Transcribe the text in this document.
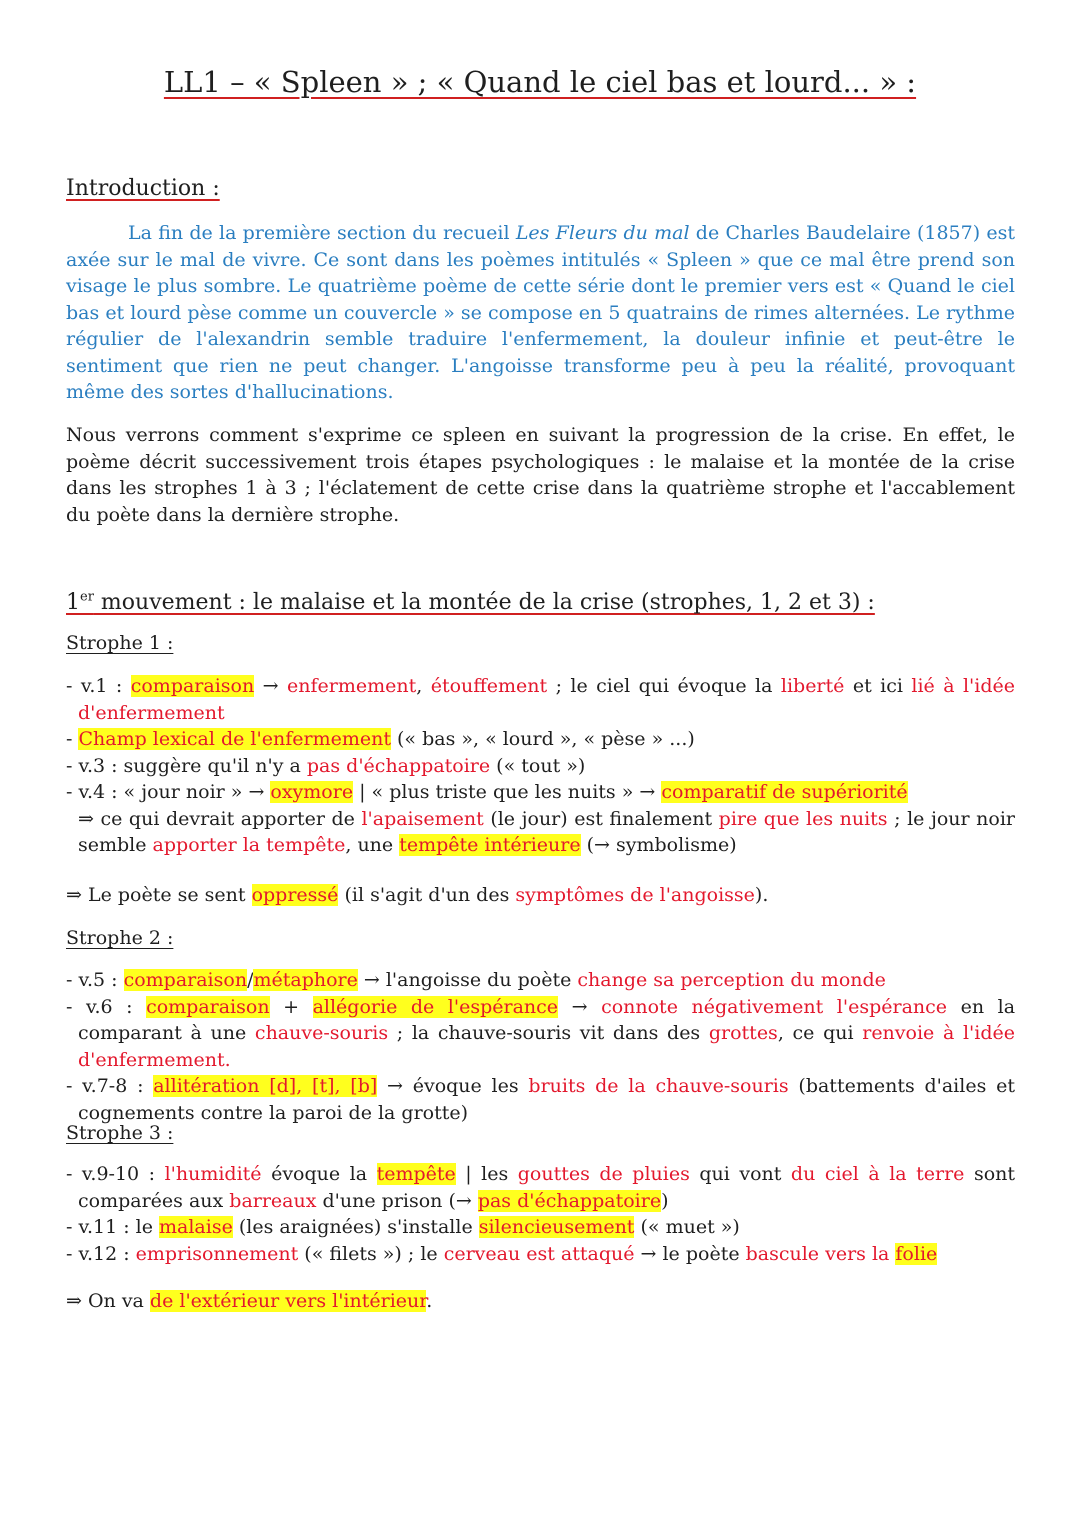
LL1 – « Spleen » ; « Quand le ciel bas et lourd... » :
Introduction :
La fin de la première section du recueil Les Fleurs du mal de Charles Baudelaire (1857) est axée sur le mal de vivre. Ce sont dans les poèmes intitulés « Spleen » que ce mal être prend son visage le plus sombre. Le quatrième poème de cette série dont le premier vers est « Quand le ciel bas et lourd pèse comme un couvercle » se compose en 5 quatrains de rimes alternées. Le rythme régulier de l'alexandrin semble traduire l'enfermement, la douleur infinie et peut-être le sentiment que rien ne peut changer. L'angoisse transforme peu à peu la réalité, provoquant même des sortes d'hallucinations.
Nous verrons comment s'exprime ce spleen en suivant la progression de la crise. En effet, le poème décrit successivement trois étapes psychologiques : le malaise et la montée de la crise dans les strophes 1 à 3 ; l'éclatement de cette crise dans la quatrième strophe et l'accablement du poète dans la dernière strophe.
1er mouvement : le malaise et la montée de la crise (strophes, 1, 2 et 3) :
Strophe 1 :
- v.1 : comparaison → enfermement, étouffement ; le ciel qui évoque la liberté et ici lié à l'idée d'enfermement
- Champ lexical de l'enfermement (« bas », « lourd », « pèse » ...)
- v.3 : suggère qu'il n'y a pas d'échappatoire (« tout »)
- v.4 : « jour noir » → oxymore | « plus triste que les nuits » → comparatif de supériorité
⇒ ce qui devrait apporter de l'apaisement (le jour) est finalement pire que les nuits ; le jour noir semble apporter la tempête, une tempête intérieure (→ symbolisme)
⇒ Le poète se sent oppressé (il s'agit d'un des symptômes de l'angoisse).
Strophe 2 :
- v.5 : comparaison/métaphore → l'angoisse du poète change sa perception du monde
- v.6 : comparaison + allégorie de l'espérance → connote négativement l'espérance en la comparant à une chauve-souris ; la chauve-souris vit dans des grottes, ce qui renvoie à l'idée d'enfermement.
- v.7-8 : allitération [d], [t], [b] → évoque les bruits de la chauve-souris (battements d'ailes et cognements contre la paroi de la grotte)
Strophe 3 :
- v.9-10 : l'humidité évoque la tempête | les gouttes de pluies qui vont du ciel à la terre sont comparées aux barreaux d'une prison (→ pas d'échappatoire)
- v.11 : le malaise (les araignées) s'installe silencieusement (« muet »)
- v.12 : emprisonnement (« filets ») ; le cerveau est attaqué → le poète bascule vers la folie
⇒ On va de l'extérieur vers l'intérieur.
